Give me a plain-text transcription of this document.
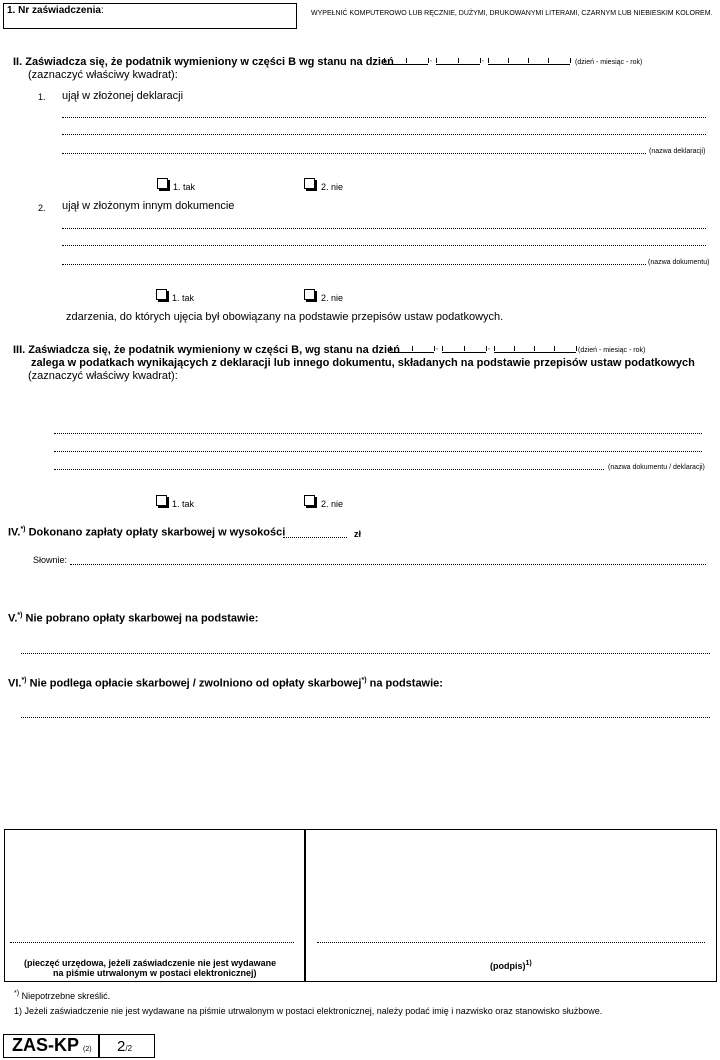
1. Nr zaświadczenia:	WYPEŁNIĆ KOMPUTEROWO LUB RĘCZNIE, DUŻYMI, DRUKOWANYMI LITERAMI, CZARNYM LUB NIEBIESKIM KOLOREM.
II. Zaświadcza się, że podatnik wymieniony w części B wg stanu na dzień	,	,	(dzień - miesiąc - rok)
(zaznaczyć właściwy kwadrat):
1. ujął w złożonej deklaracji
(nazwa deklaracji)
1. tak	2. nie
2. ujął w złożonym innym dokumencie
(nazwa dokumentu)
1. tak	2. nie
zdarzenia, do których ujęcia był obowiązany na podstawie przepisów ustaw podatkowych.
III. Zaświadcza się, że podatnik wymieniony w części B, wg stanu na dzień	,	,	(dzień - miesiąc - rok)
zalega w podatkach wynikających z deklaracji lub innego dokumentu, składanych na podstawie przepisów ustaw podatkowych
(zaznaczyć właściwy kwadrat):
(nazwa dokumentu / deklaracji)
1. tak	2. nie
IV.*) Dokonano zapłaty opłaty skarbowej w wysokości	zł
Słownie:
V.*) Nie pobrano opłaty skarbowej na podstawie:
VI.*) Nie podlega opłacie skarbowej / zwolniono od opłaty skarbowej*) na podstawie:
(pieczęć urzędowa, jeżeli zaświadczenie nie jest wydawane
na piśmie utrwalonym w postaci elektronicznej)
(podpis)$^{1)}$
*) Niepotrzebne skreślić.
1) Jeżeli zaświadczenie nie jest wydawane na piśmie utrwalonym w postaci elektronicznej, należy podać imię i nazwisko oraz stanowisko służbowe.
ZAS-KP (2) 2/2
